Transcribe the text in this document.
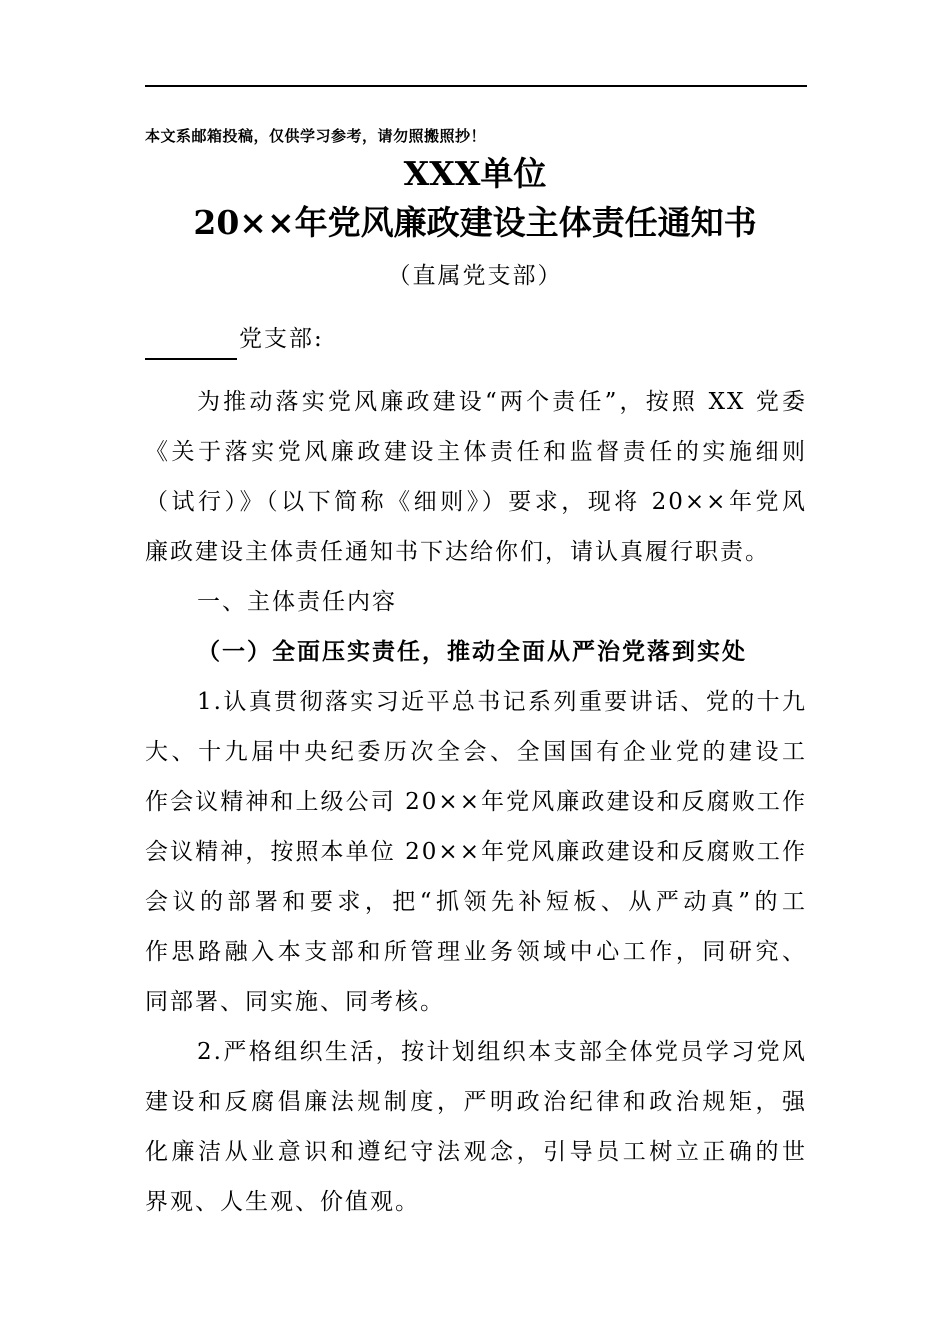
本文系邮箱投稿，仅供学习参考，请勿照搬照抄！
XXX单位
20××年党风廉政建设主体责任通知书
（直属党支部）
党支部:
为推动落实党风廉政建设“两个责任”，按照 XX 党委
《关于落实党风廉政建设主体责任和监督责任的实施细则
（试行）》（以下简称《细则》）要求，现将 20××年党风
廉政建设主体责任通知书下达给你们，请认真履行职责。
一、主体责任内容
（一）全面压实责任，推动全面从严治党落到实处
1.认真贯彻落实习近平总书记系列重要讲话、党的十九
大、十九届中央纪委历次全会、全国国有企业党的建设工
作会议精神和上级公司 20××年党风廉政建设和反腐败工作
会议精神，按照本单位 20××年党风廉政建设和反腐败工作
会议的部署和要求，把“抓领先补短板、从严动真”的工
作思路融入本支部和所管理业务领域中心工作，同研究、
同部署、同实施、同考核。
2.严格组织生活，按计划组织本支部全体党员学习党风
建设和反腐倡廉法规制度，严明政治纪律和政治规矩，强
化廉洁从业意识和遵纪守法观念，引导员工树立正确的世
界观、人生观、价值观。
